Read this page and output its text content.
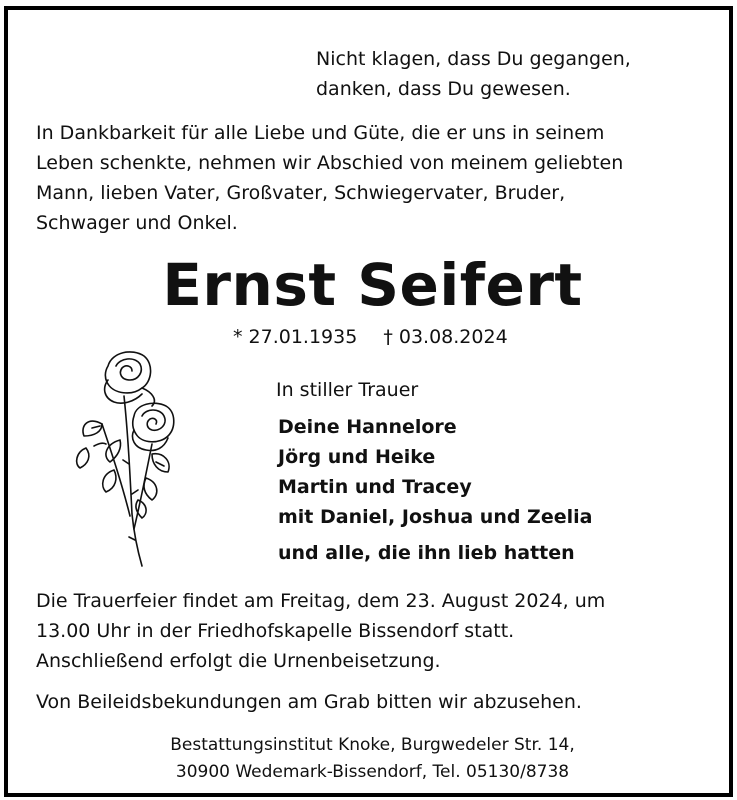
Nicht klagen, dass Du gegangen,
danken, dass Du gewesen.
In Dankbarkeit für alle Liebe und Güte, die er uns in seinem
Leben schenkte, nehmen wir Abschied von meinem geliebten
Mann, lieben Vater, Großvater, Schwiegervater, Bruder,
Schwager und Onkel.
Ernst Seifert
* 27.01.1935 † 03.08.2024
In stiller Trauer
Deine Hannelore
Jörg und Heike
Martin und Tracey
mit Daniel, Joshua und Zeelia
und alle, die ihn lieb hatten
Die Trauerfeier findet am Freitag, dem 23. August 2024, um
13.00 Uhr in der Friedhofskapelle Bissendorf statt.
Anschließend erfolgt die Urnenbeisetzung.
Von Beileidsbekundungen am Grab bitten wir abzusehen.
Bestattungsinstitut Knoke, Burgwedeler Str. 14,
30900 Wedemark-Bissendorf, Tel. 05130/8738
